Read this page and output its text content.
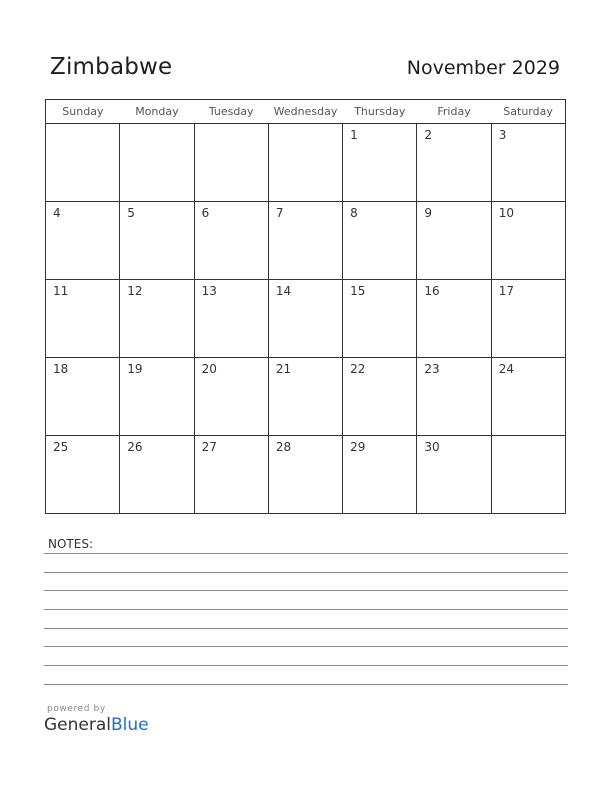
Zimbabwe	November 2029
Sunday	Monday	Tuesday	Wednesday	Thursday	Friday	Saturday

				1	2	3

4	5	6	7	8	9	10

11	12	13	14	15	16	17

18	19	20	21	22	23	24

25	26	27	28	29	30	

NOTES:
powered by
GeneralBlue
